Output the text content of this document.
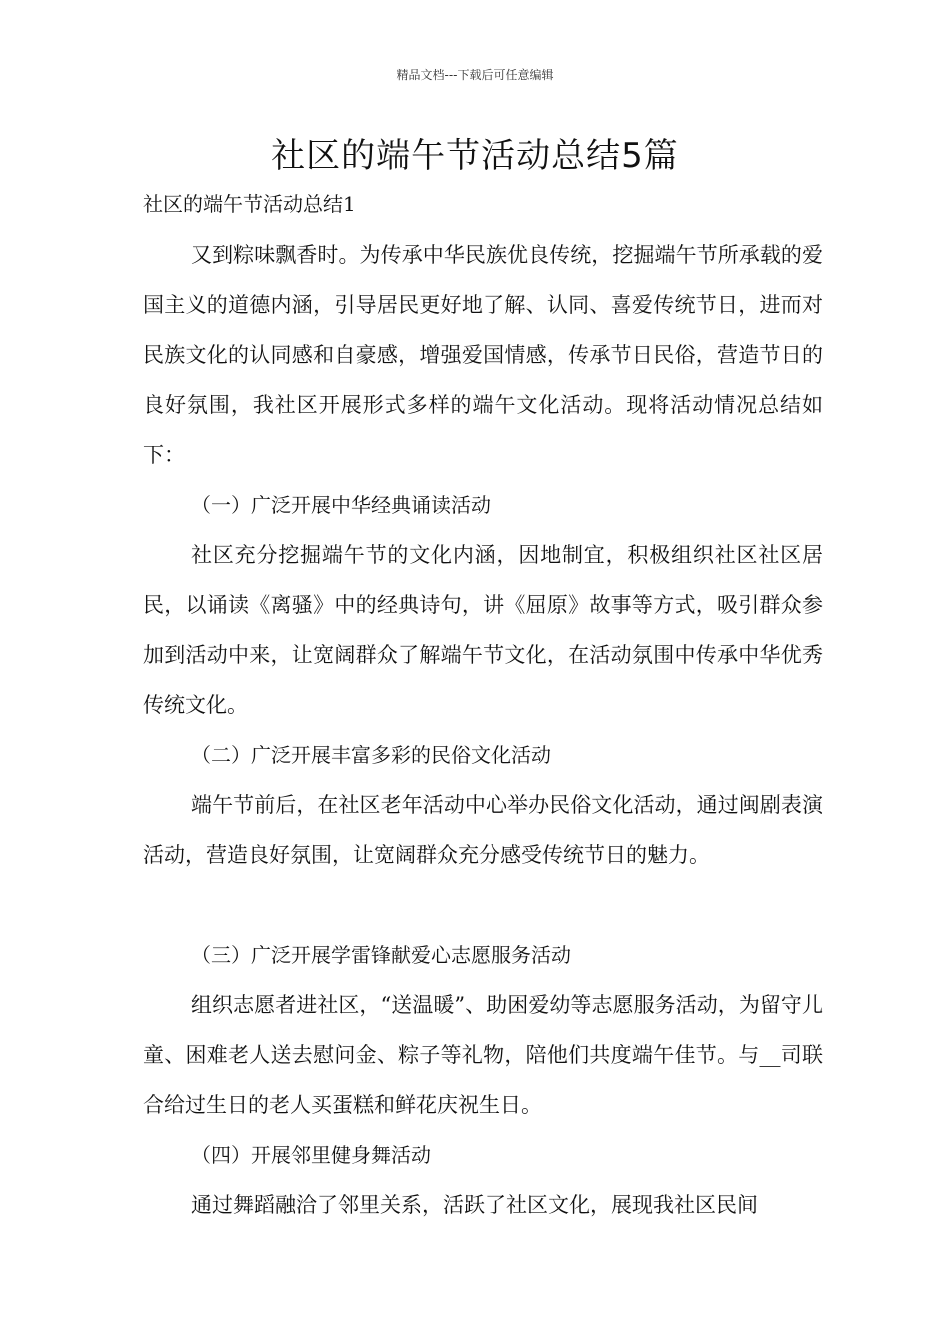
精品文档---下载后可任意编辑
社区的端午节活动总结5篇

社区的端午节活动总结1

又到粽味飘香时。为传承中华民族优良传统，挖掘端午节所承载的爱国主义的道德内涵，引导居民更好地了解、认同、喜爱传统节日，进而对民族文化的认同感和自豪感，增强爱国情感，传承节日民俗，营造节日的良好氛围，我社区开展形式多样的端午文化活动。现将活动情况总结如下：

（一）广泛开展中华经典诵读活动

社区充分挖掘端午节的文化内涵，因地制宜，积极组织社区社区居民，以诵读《离骚》中的经典诗句，讲《屈原》故事等方式，吸引群众参加到活动中来，让宽阔群众了解端午节文化，在活动氛围中传承中华优秀传统文化。

（二）广泛开展丰富多彩的民俗文化活动

端午节前后，在社区老年活动中心举办民俗文化活动，通过闽剧表演活动，营造良好氛围，让宽阔群众充分感受传统节日的魅力。

（三）广泛开展学雷锋献爱心志愿服务活动

组织志愿者进社区，“送温暖”、助困爱幼等志愿服务活动，为留守儿童、困难老人送去慰问金、粽子等礼物，陪他们共度端午佳节。与__司联合给过生日的老人买蛋糕和鲜花庆祝生日。

（四）开展邻里健身舞活动

通过舞蹈融洽了邻里关系，活跃了社区文化，展现我社区民间
